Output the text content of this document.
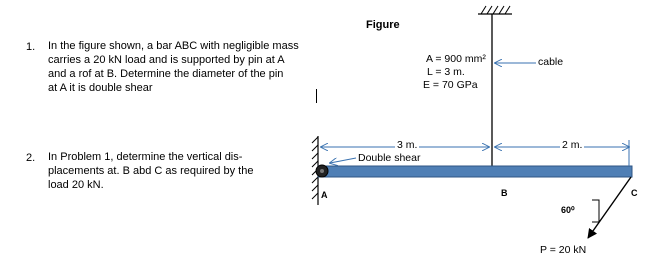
1. In the figure shown, a bar ABC with negligible mass
carries a 20 kN load and is supported by pin at A
and a rof at B. Determine the diameter of the pin
at A it is double shear
2. In Problem 1, determine the vertical dis-
placements at. B abd C as required by the
load 20 kN.
Figure
A = 900 mm²
L = 3 m.
E = 70 GPa
cable
3 m.	2 m.
Double shear
A	B	C
60⁰
P = 20 kN
